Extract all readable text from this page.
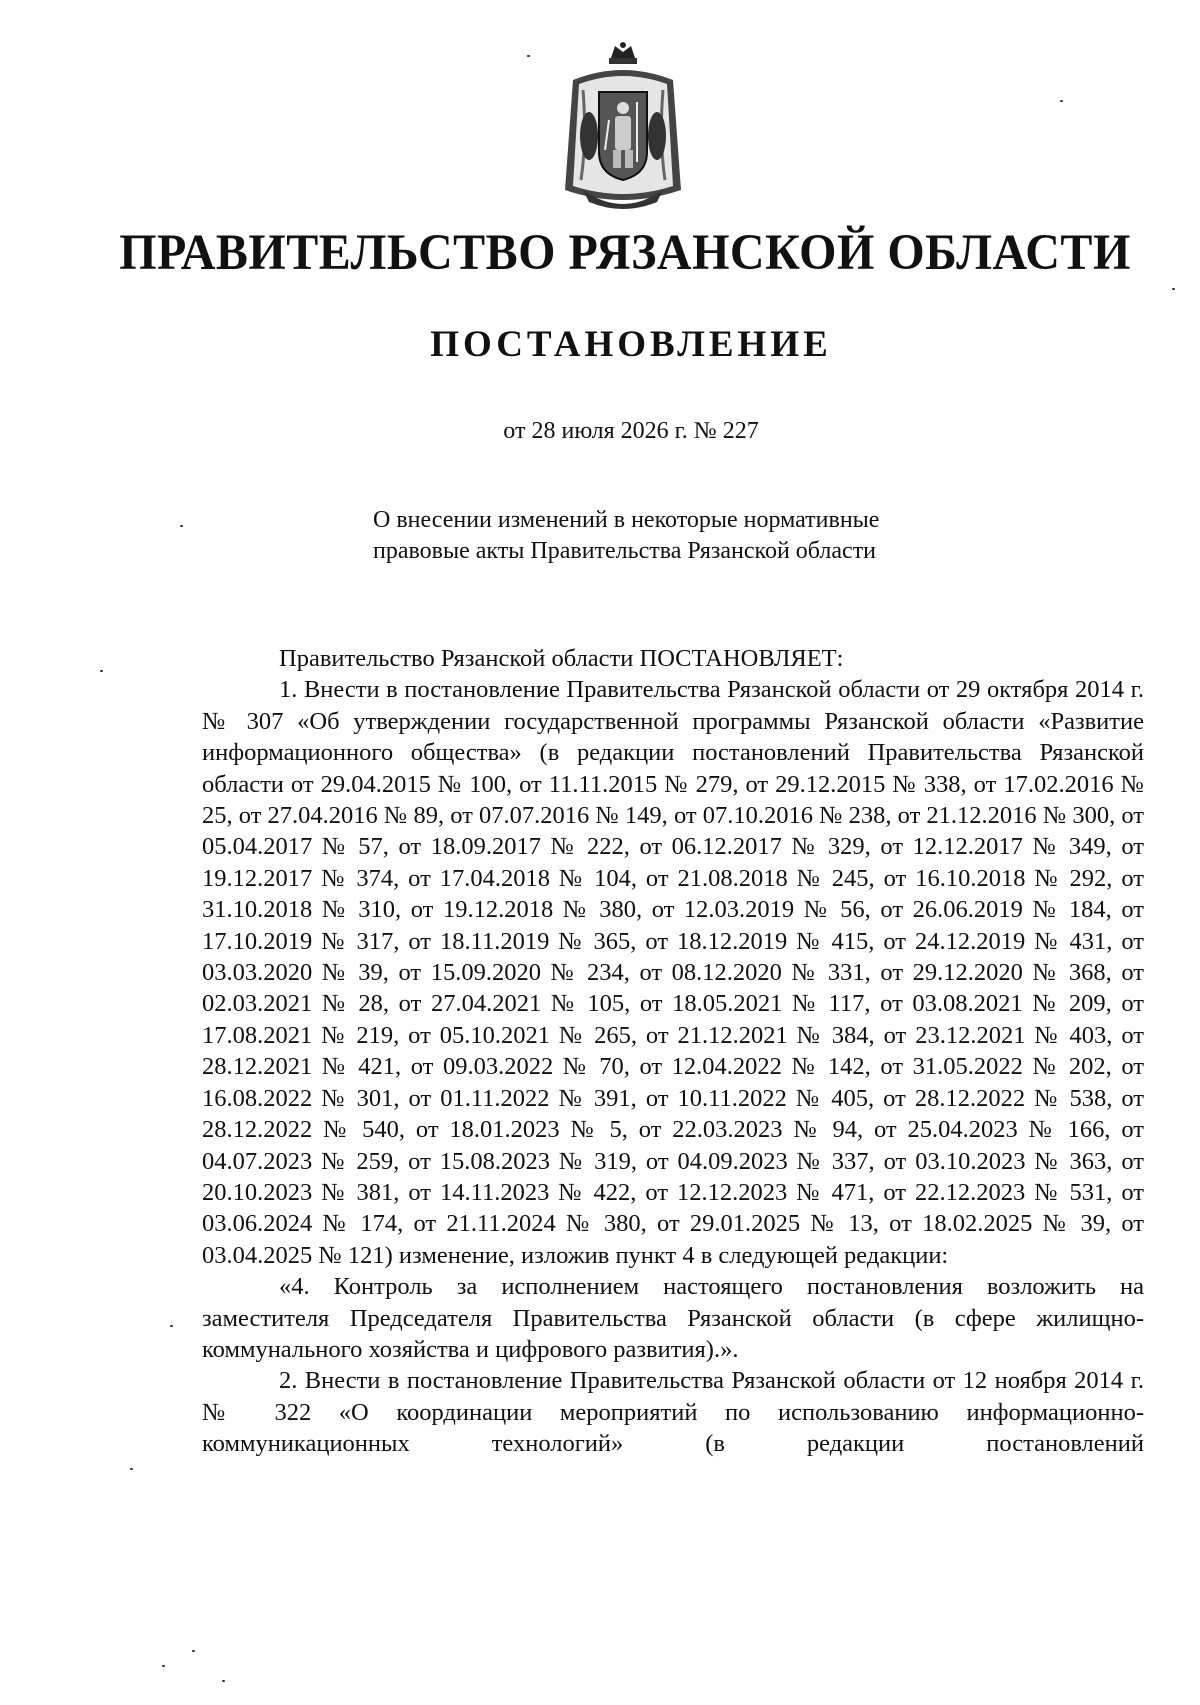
ПРАВИТЕЛЬСТВО РЯЗАНСКОЙ ОБЛАСТИ
ПОСТАНОВЛЕНИЕ
от 28 июля 2026 г. № 227
О внесении изменений в некоторые нормативные
правовые акты Правительства Рязанской области

Правительство Рязанской области ПОСТАНОВЛЯЕТ:

1. Внести в постановление Правительства Рязанской области от 29 октября 2014 г. № 307 «Об утверждении государственной программы Рязанской области «Развитие информационного общества» (в редакции постановлений Правительства Рязанской области от 29.04.2015 № 100, от 11.11.2015 № 279, от 29.12.2015 № 338, от 17.02.2016 № 25, от 27.04.2016 № 89, от 07.07.2016 № 149, от 07.10.2016 № 238, от 21.12.2016 № 300, от 05.04.2017 № 57, от 18.09.2017 № 222, от 06.12.2017 № 329, от 12.12.2017 № 349, от 19.12.2017 № 374, от 17.04.2018 № 104, от 21.08.2018 № 245, от 16.10.2018 № 292, от 31.10.2018 № 310, от 19.12.2018 № 380, от 12.03.2019 № 56, от 26.06.2019 № 184, от 17.10.2019 № 317, от 18.11.2019 № 365, от 18.12.2019 № 415, от 24.12.2019 № 431, от 03.03.2020 № 39, от 15.09.2020 № 234, от 08.12.2020 № 331, от 29.12.2020 № 368, от 02.03.2021 № 28, от 27.04.2021 № 105, от 18.05.2021 № 117, от 03.08.2021 № 209, от 17.08.2021 № 219, от 05.10.2021 № 265, от 21.12.2021 № 384, от 23.12.2021 № 403, от 28.12.2021 № 421, от 09.03.2022 № 70, от 12.04.2022 № 142, от 31.05.2022 № 202, от 16.08.2022 № 301, от 01.11.2022 № 391, от 10.11.2022 № 405, от 28.12.2022 № 538, от 28.12.2022 № 540, от 18.01.2023 № 5, от 22.03.2023 № 94, от 25.04.2023 № 166, от 04.07.2023 № 259, от 15.08.2023 № 319, от 04.09.2023 № 337, от 03.10.2023 № 363, от 20.10.2023 № 381, от 14.11.2023 № 422, от 12.12.2023 № 471, от 22.12.2023 № 531, от 03.06.2024 № 174, от 21.11.2024 № 380, от 29.01.2025 № 13, от 18.02.2025 № 39, от 03.04.2025 № 121) изменение, изложив пункт 4 в следующей редакции:

«4. Контроль за исполнением настоящего постановления возложить на заместителя Председателя Правительства Рязанской области (в сфере жилищно-коммунального хозяйства и цифрового развития).».

2. Внести в постановление Правительства Рязанской области от 12 ноября 2014 г. № 322 «О координации мероприятий по использованию информационно-коммуникационных технологий» (в редакции постановлений
